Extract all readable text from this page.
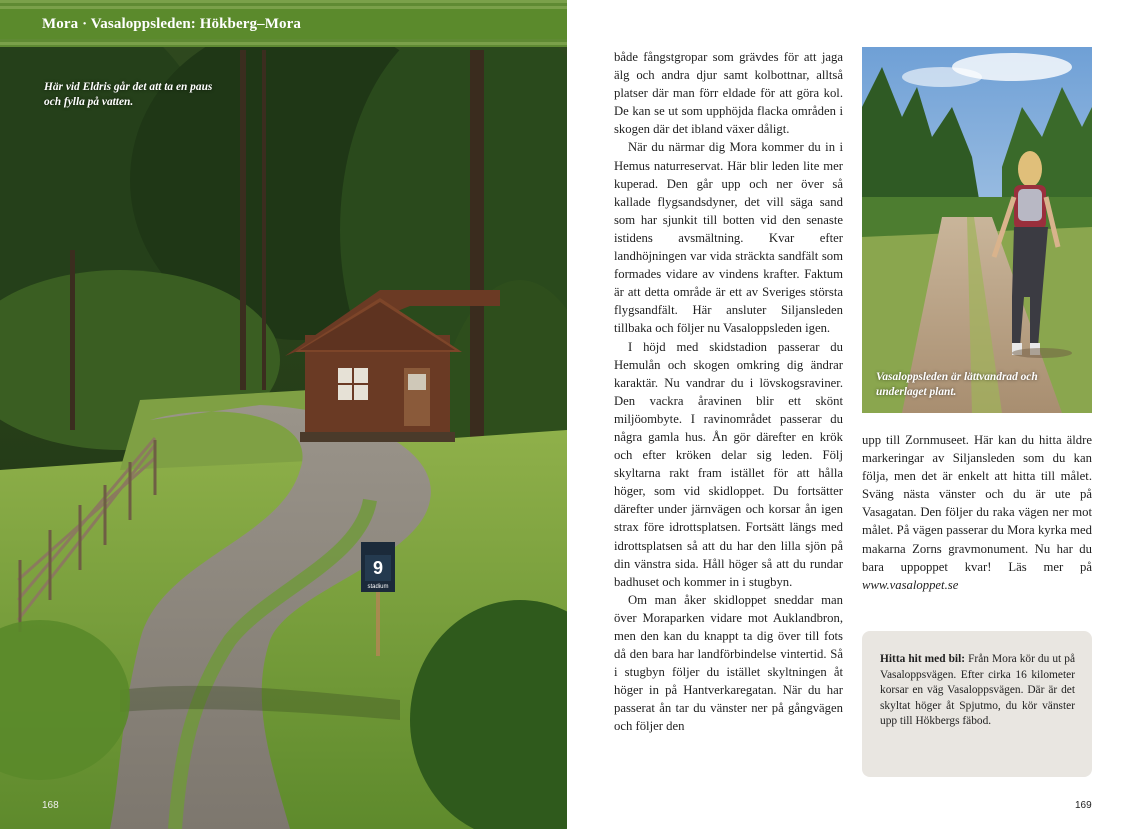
9
stadium
Mora · Vasaloppsleden: Hökberg–Mora
Här vid Eldris går det att ta en paus och fylla på vatten.
168

både fångstgropar som grävdes för att jaga älg och andra djur samt kolbottnar, alltså platser där man förr eldade för att göra kol. De kan se ut som upphöjda flacka områden i skogen där det ibland växer dåligt.

När du närmar dig Mora kommer du in i Hemus naturreservat. Här blir leden lite mer kuperad. Den går upp och ner över så kallade flygsandsdyner, det vill säga sand som har sjunkit till botten vid den senaste istidens avsmältning. Kvar efter landhöjningen var vida sträckta sandfält som formades vidare av vindens krafter. Faktum är att detta område är ett av Sveriges största flygsandfält. Här ansluter Siljansleden tillbaka och följer nu Vasaloppsleden igen.

I höjd med skidstadion passerar du Hemulån och skogen omkring dig ändrar karaktär. Nu vandrar du i lövskogsraviner. Den vackra åravinen blir ett skönt miljöombyte. I ravinområdet passerar du några gamla hus. Ån gör därefter en krök och efter kröken delar sig leden. Följ skyltarna rakt fram istället för att hålla höger, som vid skidloppet. Du fortsätter därefter under järnvägen och korsar ån igen strax före idrottsplatsen. Fortsätt längs med idrottsplatsen så att du har den lilla sjön på din vänstra sida. Håll höger så att du rundar badhuset och kommer in i stugbyn.

Om man åker skidloppet sneddar man över Moraparken vidare mot Auklandbron, men den kan du knappt ta dig över till fots då den bara har landförbindelse vintertid. Så i stugbyn följer du istället skyltningen åt höger in på Hantverkaregatan. När du har passerat ån tar du vänster ner på gångvägen och följer den

Vasaloppsleden är lättvandrad och underlaget plant.
upp till Zornmuseet. Här kan du hitta äldre markeringar av Siljansleden som du kan följa, men det är enkelt att hitta till målet. Sväng nästa vänster och du är ute på Vasagatan. Den följer du raka vägen ner mot målet. På vägen passerar du Mora kyrka med makarna Zorns gravmonument. Nu har du bara uppoppet kvar! Läs mer på www.vasaloppet.se
Hitta hit med bil: Från Mora kör du ut på Vasaloppsvägen. Efter cirka 16 kilometer korsar en väg Vasaloppsvägen. Där är det skyltat höger åt Spjutmo, du kör vänster upp till Hökbergs fäbod.
169
